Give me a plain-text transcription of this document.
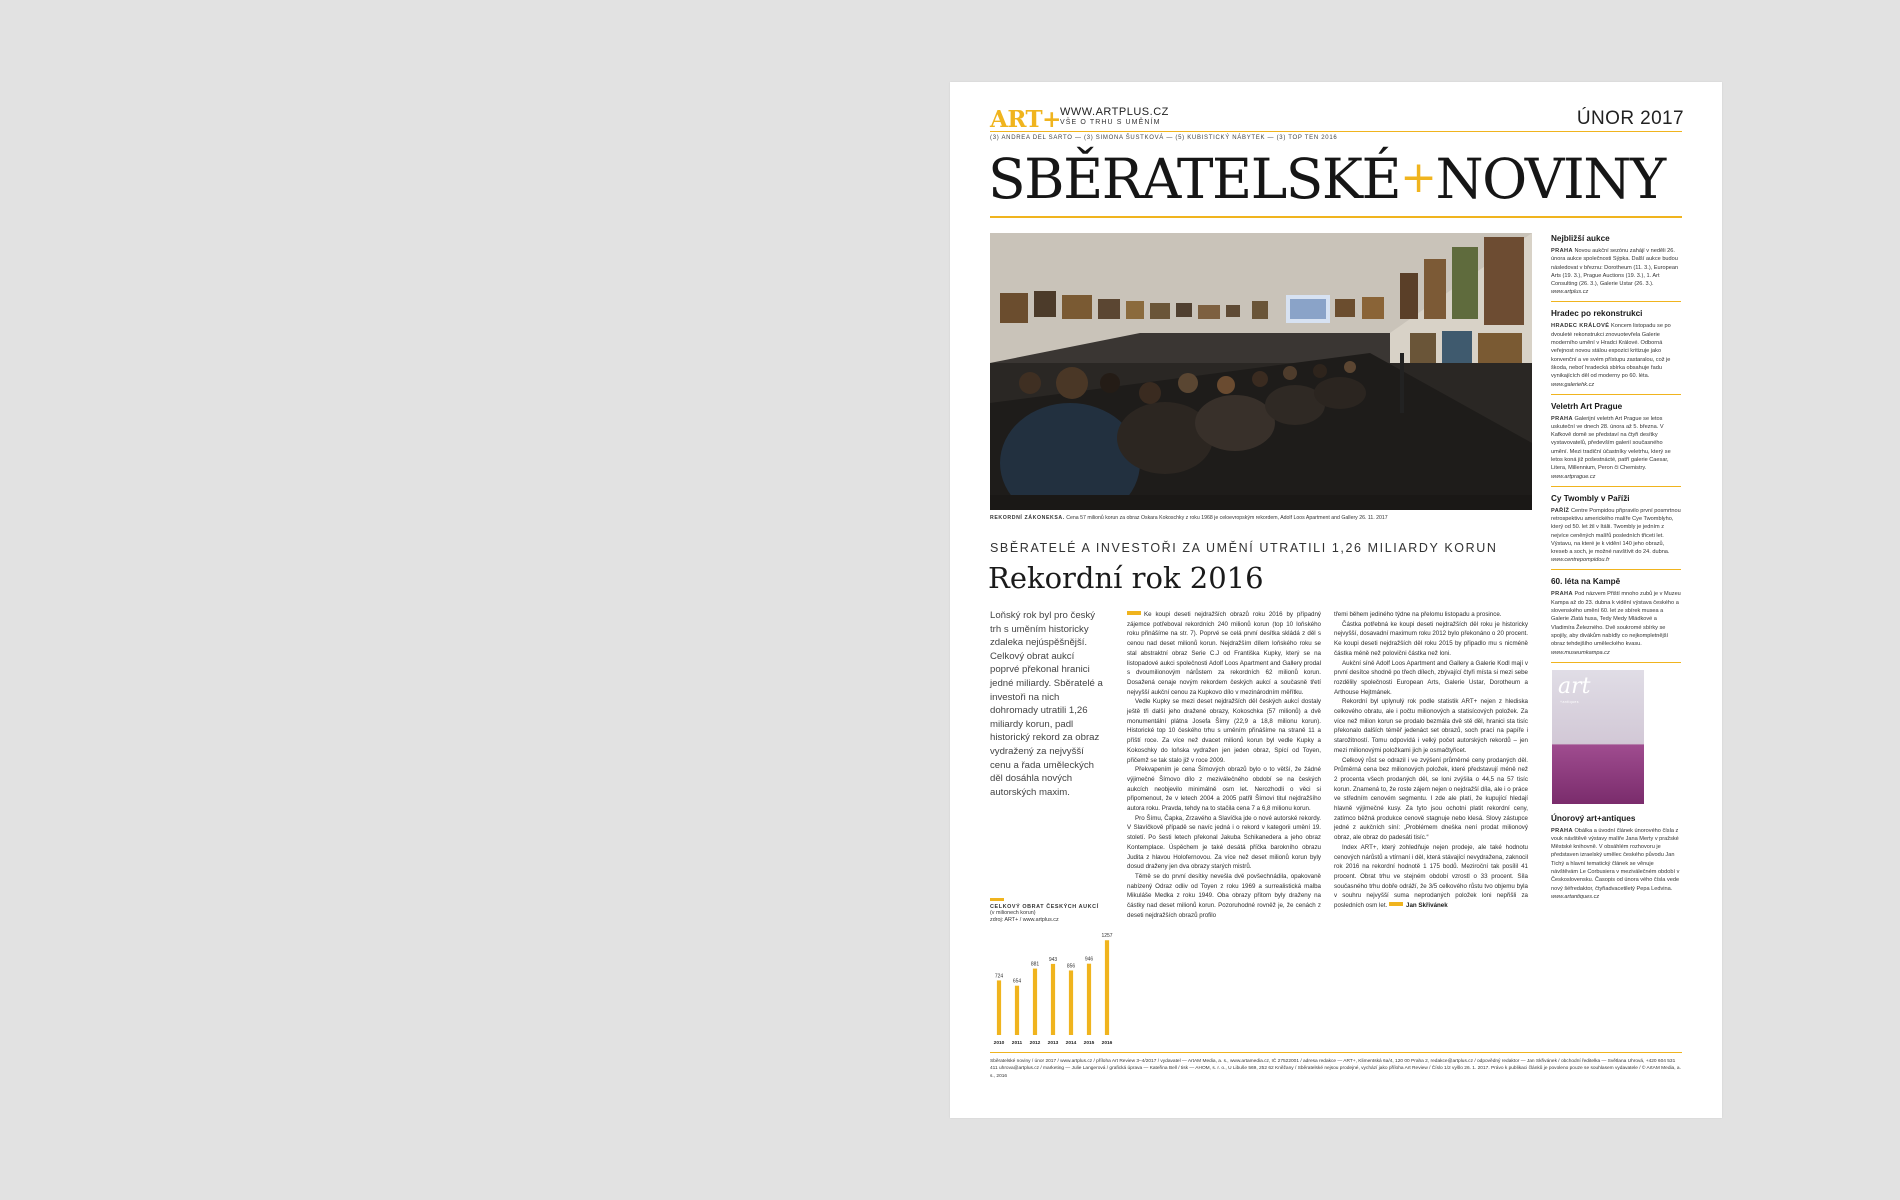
ART+ WWW.ARTPLUS.CZ
VŠE O TRHU S UMĚNÍM	ÚNOR 2017
(3) ANDREA DEL SARTO — (3) SIMONA ŠUSTKOVÁ — (5) KUBISTICKÝ NÁBYTEK — (3) TOP TEN 2016
SBĚRATELSKÉ+NOVINY
REKORDNÍ ZÁKONEKSA. Cena 57 milionů korun za obraz Oskara Kokoschky z roku 1968 je celoevropským rekordem, Adolf Loos Apartment and Gallery 26. 11. 2017
SBĚRATELÉ A INVESTOŘI ZA UMĚNÍ UTRATILI 1,26 MILIARDY KORUN
Rekordní rok 2016
Loňský rok byl pro český trh s uměním historicky zdaleka nejúspěšnější. Celkový obrat aukcí poprvé překonal hranici jedné miliardy. Sběratelé a investoři na nich dohromady utratili 1,26 miliardy korun, padl historický rekord za obraz vydražený za nejvyšší cenu a řada uměleckých děl dosáhla nových autorských maxim.

Ke koupi deseti nejdražších obrazů roku 2016 by případný zájemce potřeboval rekordních 240 milionů korun (top 10 loňského roku přinášíme na str. 7). Poprvé se celá první desítka skládá z děl s cenou nad deset milionů korun. Nejdražším dílem loňského roku se stal abstraktní obraz Serie C.J od Františka Kupky, který se na listopadové aukci společnosti Adolf Loos Apartment and Gallery prodal s dvoumilionovým nárůstem za rekordních 62 milionů korun. Dosažená cenaje novým rekordem českých aukcí a současně třetí nejvyšší aukční cenou za Kupkovo dílo v mezinárodním měřítku.

Vedle Kupky se mezi deset nejdražších děl českých aukcí dostaly ještě tři další jeho dražené obrazy, Kokoschka (57 milionů) a dvě monumentální plátna Josefa Šímy (22,9 a 18,8 milionu korun). Historické top 10 českého trhu s uměním přinášíme na straně 11 a příští roce. Za více než dvacet milionů korun byl vedle Kupky a Kokoschky do loňska vydražen jen jeden obraz, Spící od Toyen, přičemž se tak stalo již v roce 2009.

Překvapením je cena Šímových obrazů bylo o to větší, že žádné výjimečné Šímovo dílo z meziválečného období se na českých aukcích neobjevilo minimálně osm let. Nerozhodli o věci si připomenout, že v letech 2004 a 2005 patřil Šímovi titul nejdražšího autora roku. Pravda, tehdy na to stačila cena 7 a 6,8 milionu korun.

Pro Šímu, Čapka, Zrzavého a Slavíčka jde o nové autorské rekordy. V Slavíčkově případě se navíc jedná i o rekord v kategorii umění 19. století. Po šesti letech překonal Jakuba Schikanedera a jeho obraz Kontemplace. Úspěchem je také desátá příčka barokního obrazu Judita z hlavou Holofernovou. Za více než deset milionů korun byly dosud draženy jen dva obrazy starých mistrů.

Těmě se do první desítky nevešla dvě povšechnádila, opakovaně nabízený Odraz odliv od Toyen z roku 1969 a surrealistická malba Mikuláše Medka z roku 1949. Oba obrazy přitom byly draženy na částky nad deset milionů korun. Pozoruhodné rovněž je, že cenách z deseti nejdražších obrazů profilo

třemi během jediného týdne na přelomu listopadu a prosince.

Částka potřebná ke koupi deseti nejdražších děl roku je historicky nejvyšší, dosavadní maximum roku 2012 bylo překonáno o 20 procent. Ke koupi deseti nejdražších děl roku 2015 by připadlo mu s nicméně částka méně než polovični částka než loni.

Aukční síně Adolf Loos Apartment and Gallery a Galerie Kodl mají v první desítce shodně po třech dílech, zbývající čtyři místa si mezi sebe rozdělily společnosti European Arts, Galerie Ustar, Dorotheum a Arthouse Hejtmánek.

Rekordní byl uplynulý rok podle statistik ART+ nejen z hlediska celkového obratu, ale i počtu milionových a statisícových položek. Za více než milion korun se prodalo bezmála dvě stě děl, hranici sta tisíc překonalo dalších téměř jedenáct set obrazů, soch prací na papíře i starožitností. Tomu odpovídá i velký počet autorských rekordů – jen mezi milionovými položkami jich je osmačtyřicet.

Celkový růst se odrazil i ve zvýšení průměrné ceny prodaných děl. Průměrná cena bez milionových položek, které představují méně než 2 procenta všech prodaných děl, se loni zvýšila o 44,5 na 57 tisíc korun. Znamená to, že roste zájem nejen o nejdražší díla, ale i o práce ve středním cenovém segmentu. I zde ale platí, že kupující hledají hlavně výjimečné kusy. Za tyto jsou ochotni platit rekordní ceny, zatímco běžná produkce cenově stagnuje nebo klesá. Slovy zástupce jedné z aukčních síní: „Problémem dneška není prodat milionový obraz, ale obraz do padesáti tisíc.“

Index ART+, který zohledňuje nejen prodeje, ale také hodnotu cenových nárůstů a vtírnaní i děl, která stávající nevydražena, zaknocil rok 2016 na rekordní hodnotě 1 175 bodů. Meziroční tak posílil 41 procent. Obrat trhu ve stejném období vzrostl o 33 procent. Síla současného trhu dobře odráží, že 3/5 celkového růstu tvo objemu byla v souhru nejvyšší suma neprodaných položek loni nepřišli za posledních osm let.	Jan Skřivánek

CELKOVÝ OBRAT ČESKÝCH AUKCÍ
(v milionech korun)
zdroj: ART+ / www.artplus.cz
724
2010
654
2011
881
2012
943
2013
856
2014
946
2015
1257
2016
Nejbližší aukce
PRAHA Novou aukční sezónu zahájí v neděli 26. února aukce společnosti Sýpka. Další aukce budou následovat v březnu: Dorotheum (11. 3.), European Arts (19. 3.), Prague Auctions (19. 3.), 1. Art Consulting (26. 3.), Galerie Ustar (26. 3.).
www.artplus.cz
Hradec po rekonstrukci
HRADEC KRÁLOVÉ Koncem listopadu se po dvouleté rekonstrukci znovuotevřela Galerie moderního umění v Hradci Králové. Odborná veřejnost novou stálou expozici kritizuje jako konvenční a ve svém přístupu zastaralou, což je škoda, neboť hradecká sbírka obsahuje řadu vynikajících děl od moderny po 60. léta.
www.galeriehk.cz
Veletrh Art Prague
PRAHA Galerijní veletrh Art Prague se letos uskuteční ve dnech 28. února až 5. března. V Kafkově domě se představí na čtyři desítky vystavovatelů, především galerií současného umění. Mezi tradiční účastníky veletrhu, který se letos koná již pošestnácté, patří galerie Caesar, Litera, Millennium, Peron či Chemistry.
www.artprague.cz
Cy Twombly v Paříži
PAŘÍŽ Centre Pompidou připravilo první posmrtnou retrospektivu amerického malíře Cye Twomblyho, který od 50. let žil v Itálii. Twombly je jedním z nejvíce ceněných malířů posledních třiceti let. Výstavu, na které je k vidění 140 jeho obrazů, kreseb a soch, je možné navštívit do 24. dubna.
www.centrepompidou.fr
60. léta na Kampě
PRAHA Pod názvem Přiští mnoho zubů je v Muzeu Kampa až do 23. dubna k vidění výstava českého a slovenského umění 60. let ze sbírek musea a Galerie Zlatá husa, Tedy Medy Mládkové a Vladimíra Železného. Dvě soukromé sbírky se spojily, aby divákům nabídly co nejkompletnější obraz tehdejšího uměleckého kvasu.
www.museumkampa.cz
art
+antiques
Únorový art+antiques
PRAHA Obálka a úvodní článek únorového čísla z vouk návštěvě výstavy malíře Jana Merty v pražské Městské knihovně. V obsáhlém rozhovoru je představen izraelský umělec českého původu Jan Tichý a hlavní tematický článek se věnuje návštěvám Le Corbusiera v meziválečném období v Československu. Časopis od února vého čísla vede nový šéfredaktor, čtyřiadvacetiletý Pepa Ledvina.
www.artantiques.cz
Sběratelské noviny / únor 2017 / www.artplus.cz / příloha Art Review 3–4/2017 / vydavatel — ArtAM Media, a. s., www.artamedia.cz, IČ 27522001 / adresa redakce — ART+, Klimentská 6a/4, 120 00 Praha 2, redakce@artplus.cz / odpovědný redaktor — Jan Skřivánek / obchodní ředitelka — Světlana Uhrová, +420 604 531 411 uhrova@artplus.cz / marketing — Julie Langerová / grafická úprava — Kateřina Bell / tisk — AHOM, s. r. o., U Libuše 569, 252 62 Kněžany / Sběratelské nejsou prodejné, vychází jako příloha Art Review / Číslo 1/2 vyšlo 26. 1. 2017. Právo k publikaci článků je povoleno pouze se souhlasem vydavatele / © ArtAM Media, a. s., 2016
